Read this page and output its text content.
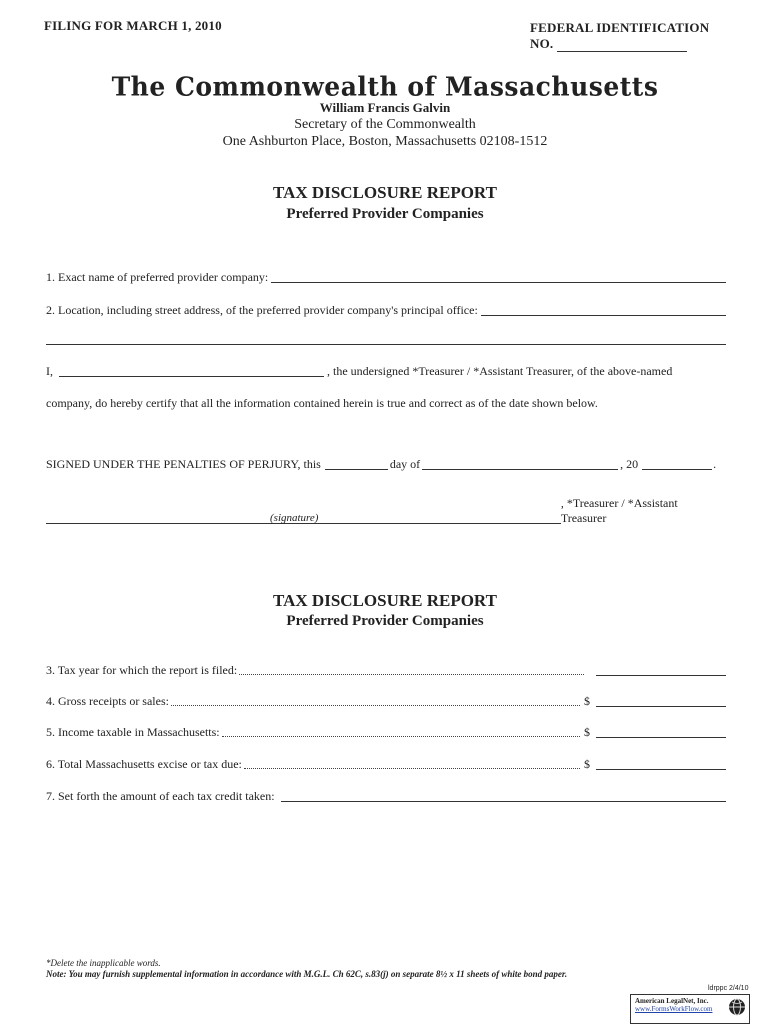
FILING FOR MARCH 1, 2010	FEDERAL IDENTIFICATION
NO.
The Commonwealth of Massachusetts
William Francis Galvin
Secretary of the Commonwealth
One Ashburton Place, Boston, Massachusetts 02108-1512
TAX DISCLOSURE REPORT
Preferred Provider Companies
1. Exact name of preferred provider company:
2. Location, including street address, of the preferred provider company's principal office:
I,	, the undersigned *Treasurer / *Assistant Treasurer, of the above-named
company, do hereby certify that all the information contained herein is true and correct as of the date shown below.
SIGNED UNDER THE PENALTIES OF PERJURY, this	day of	, 20	.
, *Treasurer / *Assistant Treasurer
(signature)
TAX DISCLOSURE REPORT
Preferred Provider Companies
3. Tax year for which the report is filed:
4. Gross receipts or sales:	$
5. Income taxable in Massachusetts:	$
6. Total Massachusetts excise or tax due:	$
7. Set forth the amount of each tax credit taken:
*Delete the inapplicable words.
Note: You may furnish supplemental information in accordance with M.G.L. Ch 62C, s.83(j) on separate 8½ x 11 sheets of white bond paper.
ldrppc 2/4/10
American LegalNet, Inc.
www.FormsWorkFlow.com
